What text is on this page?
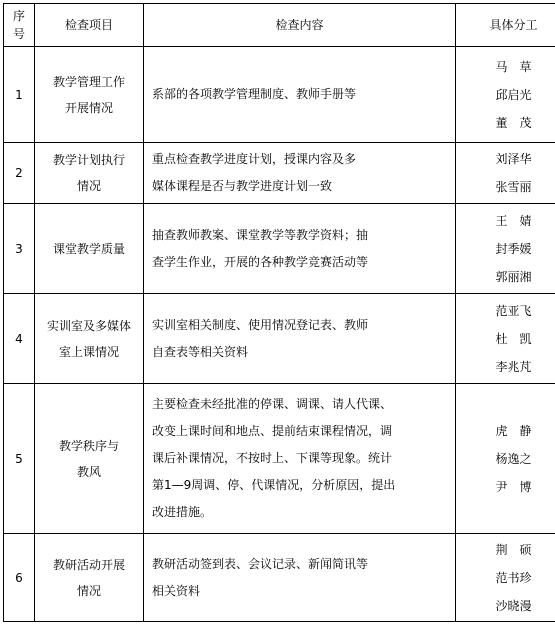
序
号	检查项目	检查内容	具体分工
1	教学管理工作
开展情况	系部的各项教学管理制度、教师手册等	马　草
邱启光
董　茂

2	教学计划执行
情况	重点检查教学进度计划，授课内容及多
媒体课程是否与教学进度计划一致	刘泽华
张雪丽

3	课堂教学质量	抽查教师教案、课堂教学等教学资料；抽
查学生作业，开展的各种教学竞赛活动等	王　婧
封季媛
郭丽湘

4	实训室及多媒体
室上课情况	实训室相关制度、使用情况登记表、教师
自查表等相关资料	范亚飞
杜　凯
李兆芃

5	教学秩序与
教风	主要检查未经批准的停课、调课、请人代课、
改变上课时间和地点、提前结束课程情况，调
课后补课情况，不按时上、下课等现象。统计
第1—9周调、停、代课情况，分析原因，提出
改进措施。	虎　静
杨逸之
尹　博

6	教研活动开展
情况	教研活动签到表、会议记录、新闻简讯等
相关资料	荆　硕
范书珍
沙晓漫
